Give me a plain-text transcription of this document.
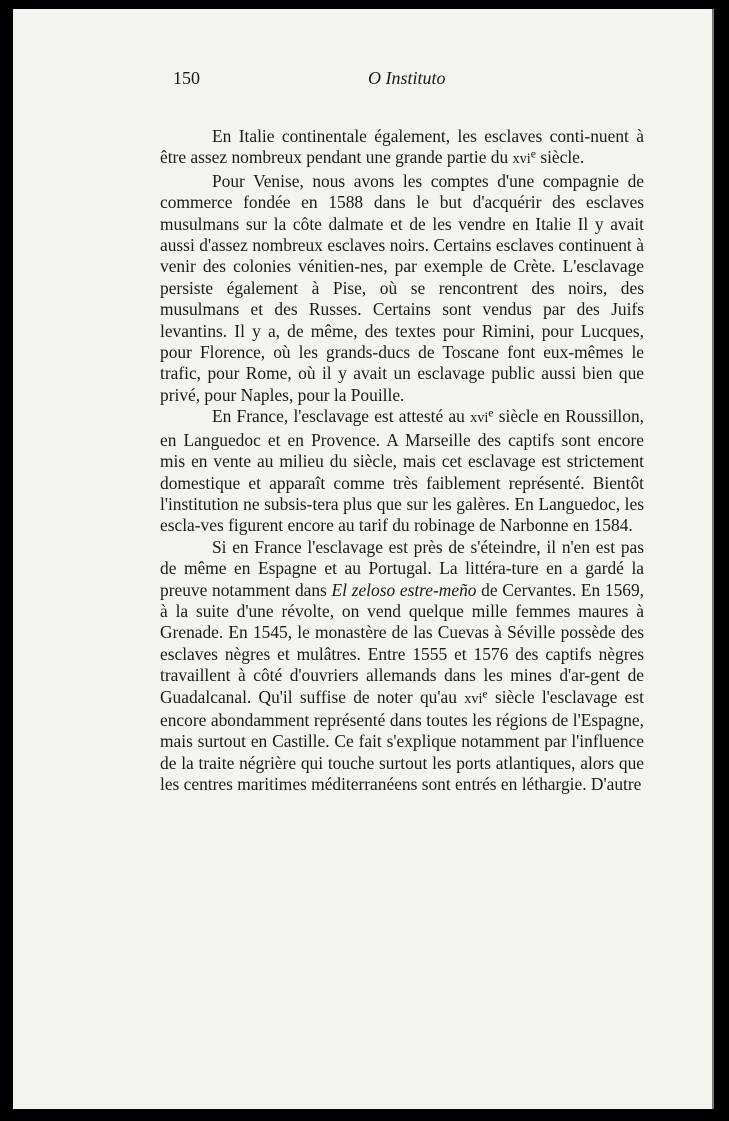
150	O Instituto

En Italie continentale également, les esclaves conti-nuent à être assez nombreux pendant une grande partie du xvi$^e$ siècle.

Pour Venise, nous avons les comptes d'une compagnie de commerce fondée en 1588 dans le but d'acquérir des esclaves musulmans sur la côte dalmate et de les vendre en Italie Il y avait aussi d'assez nombreux esclaves noirs. Certains esclaves continuent à venir des colonies vénitien-nes, par exemple de Crète. L'esclavage persiste également à Pise, où se rencontrent des noirs, des musulmans et des Russes. Certains sont vendus par des Juifs levantins. Il y a, de même, des textes pour Rimini, pour Lucques, pour Florence, où les grands-ducs de Toscane font eux-mêmes le trafic, pour Rome, où il y avait un esclavage public aussi bien que privé, pour Naples, pour la Pouille.

En France, l'esclavage est attesté au xvi$^e$ siècle en Roussillon, en Languedoc et en Provence. A Marseille des captifs sont encore mis en vente au milieu du siècle, mais cet esclavage est strictement domestique et apparaît comme très faiblement représenté. Bientôt l'institution ne subsis-tera plus que sur les galères. En Languedoc, les escla-ves figurent encore au tarif du robinage de Narbonne en 1584.

Si en France l'esclavage est près de s'éteindre, il n'en est pas de même en Espagne et au Portugal. La littéra-ture en a gardé la preuve notamment dans El zeloso estre-meño de Cervantes. En 1569, à la suite d'une révolte, on vend quelque mille femmes maures à Grenade. En 1545, le monastère de las Cuevas à Séville possède des esclaves nègres et mulâtres. Entre 1555 et 1576 des captifs nègres travaillent à côté d'ouvriers allemands dans les mines d'ar-gent de Guadalcanal. Qu'il suffise de noter qu'au xvi$^e$ siècle l'esclavage est encore abondamment représenté dans toutes les régions de l'Espagne, mais surtout en Castille. Ce fait s'explique notamment par l'influence de la traite négrière qui touche surtout les ports atlantiques, alors que les centres maritimes méditerranéens sont entrés en léthargie. D'autre
